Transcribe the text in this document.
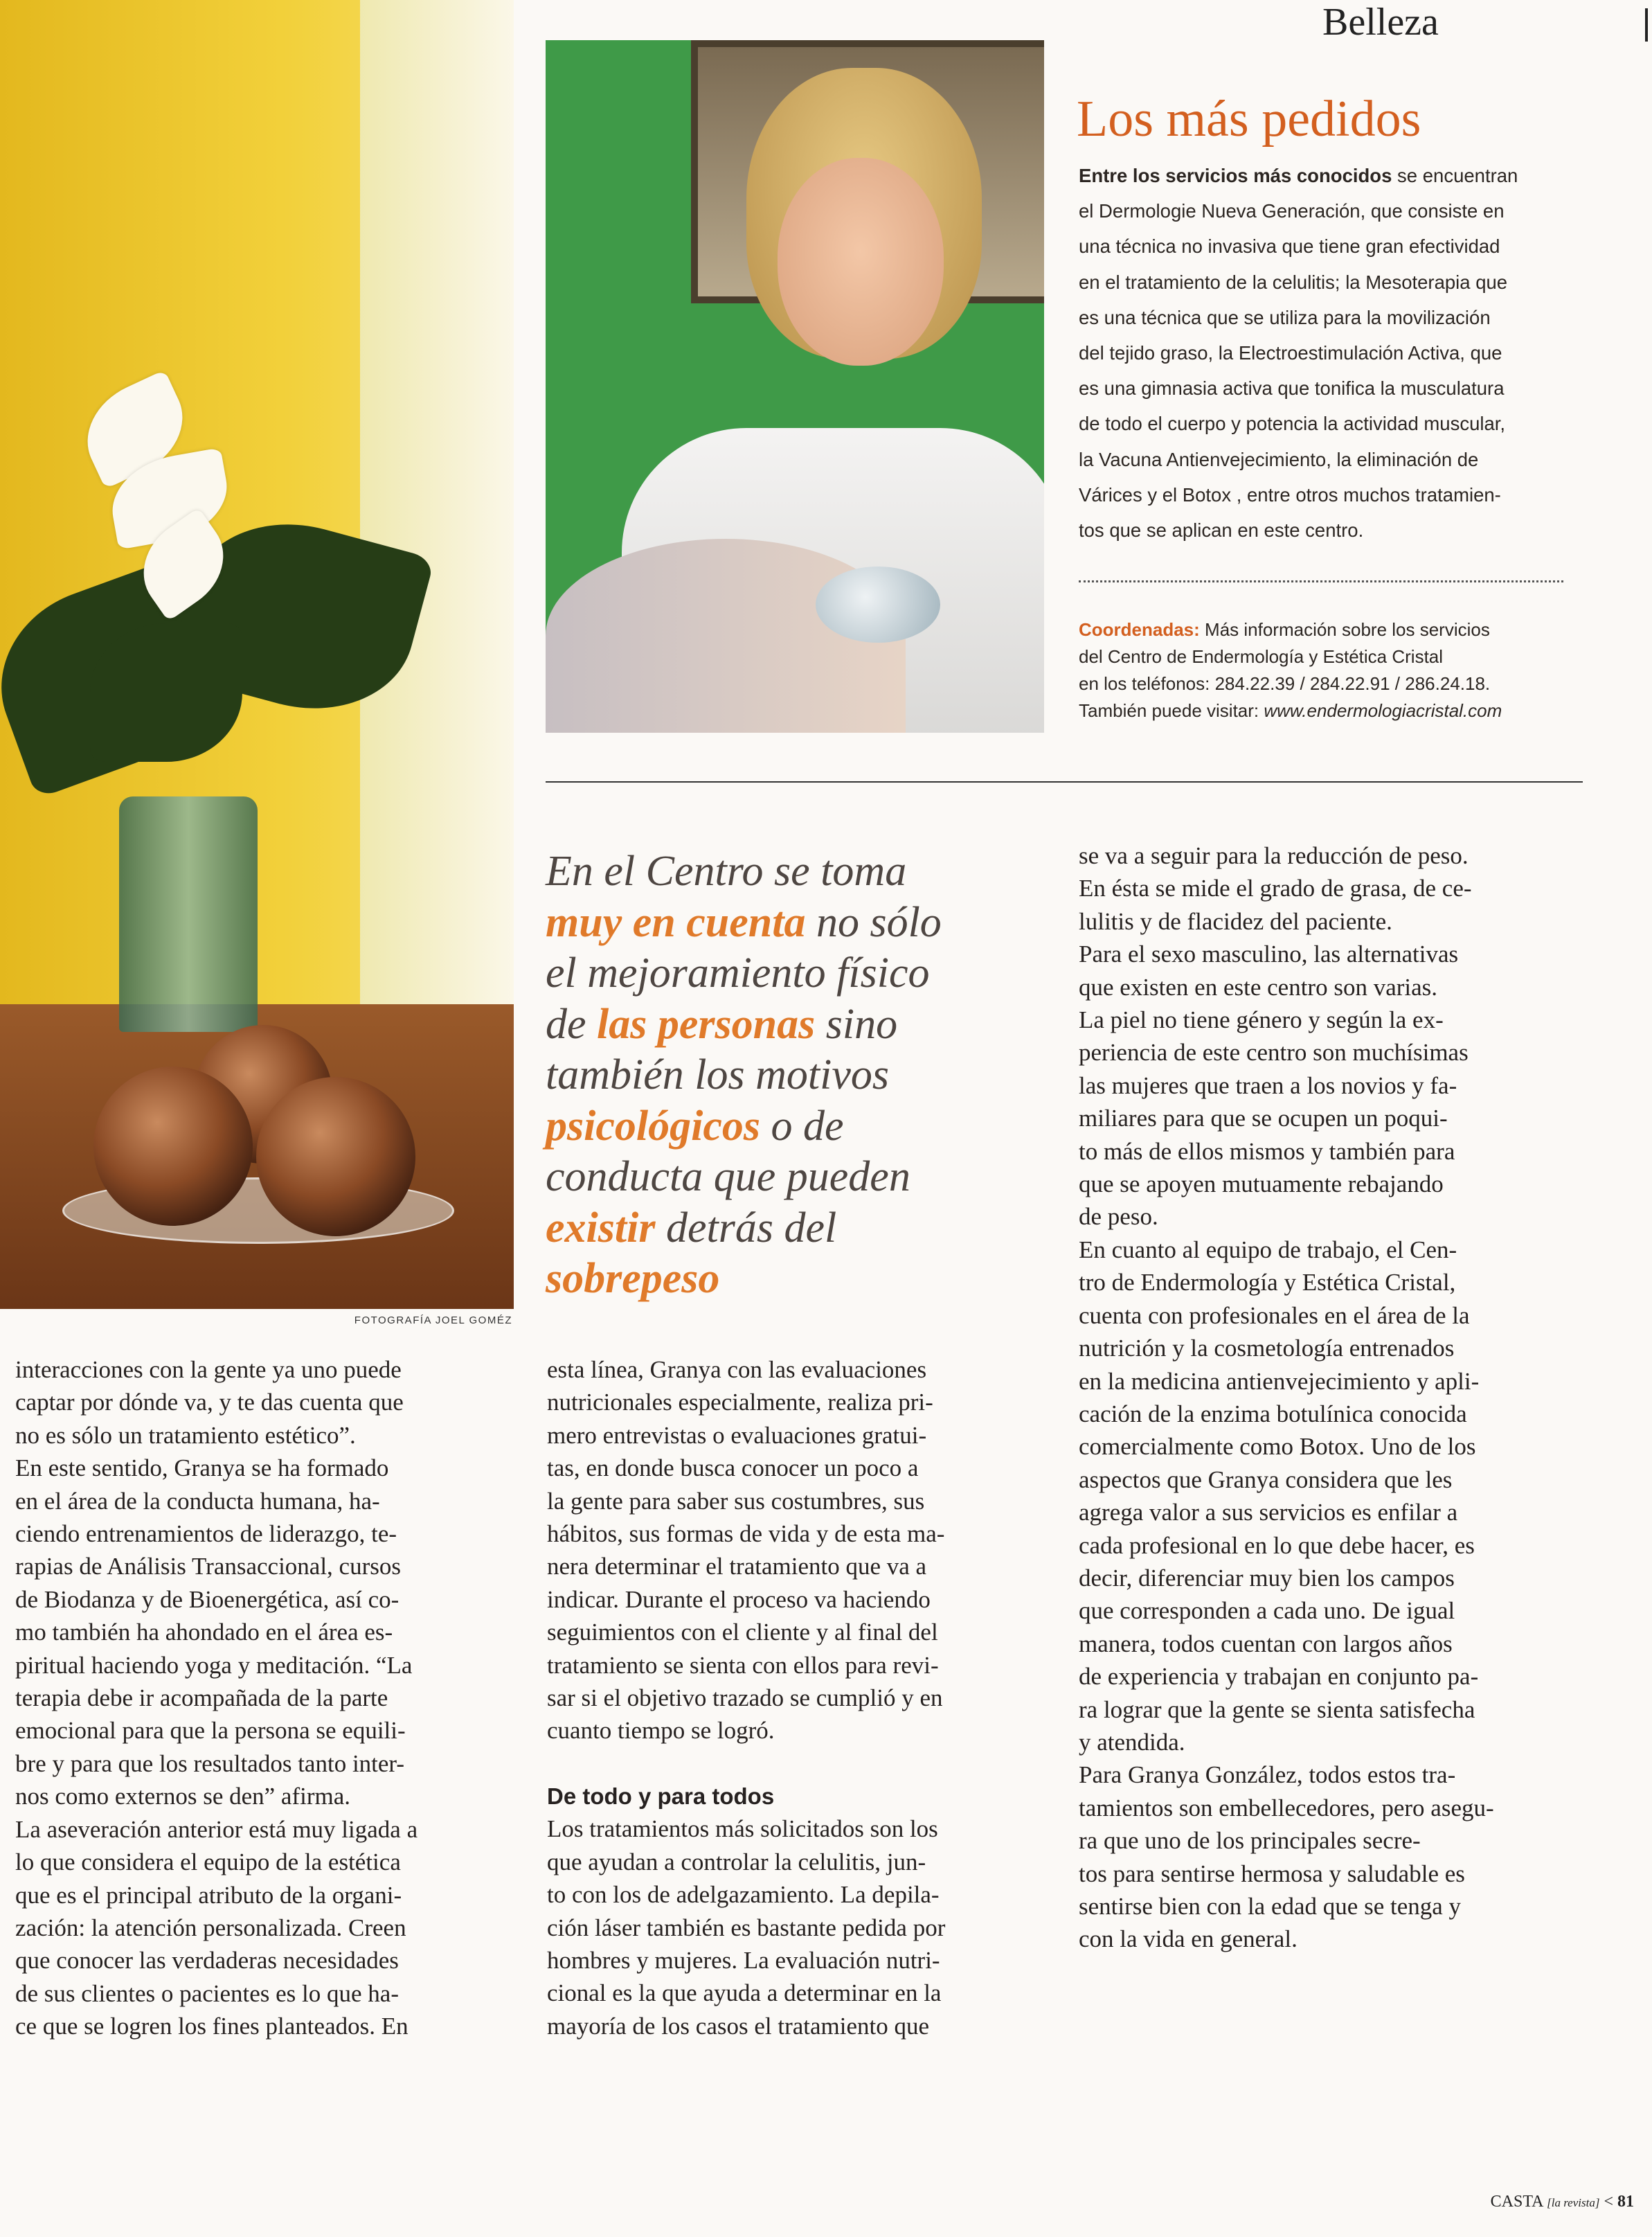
Belleza
FOTOGRAFÍA JOEL GOMÉZ
Los más pedidos
Entre los servicios más conocidos se encuentran
el Dermologie Nueva Generación, que consiste en
una técnica no invasiva que tiene gran efectividad
en el tratamiento de la celulitis; la Mesoterapia que
es una técnica que se utiliza para la movilización
del tejido graso, la Electroestimulación Activa, que
es una gimnasia activa que tonifica la musculatura
de todo el cuerpo y potencia la actividad muscular,
la Vacuna Antienvejecimiento, la eliminación de
Várices y el Botox , entre otros muchos tratamien-
tos que se aplican en este centro.
Coordenadas: Más información sobre los servicios
del Centro de Endermología y Estética Cristal
en los teléfonos: 284.22.39 / 284.22.91 / 286.24.18.
También puede visitar: www.endermologiacristal.com
En el Centro se toma
muy en cuenta no sólo
el mejoramiento físico
de las personas sino
también los motivos
psicológicos o de
conducta que pueden
existir detrás del
sobrepeso
interacciones con la gente ya uno puede
captar por dónde va, y te das cuenta que
no es sólo un tratamiento estético”.
En este sentido, Granya se ha formado
en el área de la conducta humana, ha-
ciendo entrenamientos de liderazgo, te-
rapias de Análisis Transaccional, cursos
de Biodanza y de Bioenergética, así co-
mo también ha ahondado en el área es-
piritual haciendo yoga y meditación. “La
terapia debe ir acompañada de la parte
emocional para que la persona se equili-
bre y para que los resultados tanto inter-
nos como externos se den” afirma.
La aseveración anterior está muy ligada a
lo que considera el equipo de la estética
que es el principal atributo de la organi-
zación: la atención personalizada. Creen
que conocer las verdaderas necesidades
de sus clientes o pacientes es lo que ha-
ce que se logren los fines planteados. En
esta línea, Granya con las evaluaciones
nutricionales especialmente, realiza pri-
mero entrevistas o evaluaciones gratui-
tas, en donde busca conocer un poco a
la gente para saber sus costumbres, sus
hábitos, sus formas de vida y de esta ma-
nera determinar el tratamiento que va a
indicar. Durante el proceso va haciendo
seguimientos con el cliente y al final del
tratamiento se sienta con ellos para revi-
sar si el objetivo trazado se cumplió y en
cuanto tiempo se logró.
De todo y para todos
Los tratamientos más solicitados son los
que ayudan a controlar la celulitis, jun-
to con los de adelgazamiento. La depila-
ción láser también es bastante pedida por
hombres y mujeres. La evaluación nutri-
cional es la que ayuda a determinar en la
mayoría de los casos el tratamiento que
se va a seguir para la reducción de peso.
En ésta se mide el grado de grasa, de ce-
lulitis y de flacidez del paciente.
Para el sexo masculino, las alternativas
que existen en este centro son varias.
La piel no tiene género y según la ex-
periencia de este centro son muchísimas
las mujeres que traen a los novios y fa-
miliares para que se ocupen un poqui-
to más de ellos mismos y también para
que se apoyen mutuamente rebajando
de peso.
En cuanto al equipo de trabajo, el Cen-
tro de Endermología y Estética Cristal,
cuenta con profesionales en el área de la
nutrición y la cosmetología entrenados
en la medicina antienvejecimiento y apli-
cación de la enzima botulínica conocida
comercialmente como Botox. Uno de los
aspectos que Granya considera que les
agrega valor a sus servicios es enfilar a
cada profesional en lo que debe hacer, es
decir, diferenciar muy bien los campos
que corresponden a cada uno. De igual
manera, todos cuentan con largos años
de experiencia y trabajan en conjunto pa-
ra lograr que la gente se sienta satisfecha
y atendida.
Para Granya González, todos estos tra-
tamientos son embellecedores, pero asegu-
ra que uno de los principales secre-
tos para sentirse hermosa y saludable es
sentirse bien con la edad que se tenga y
con la vida en general.
CASTA [la revista] < 81
